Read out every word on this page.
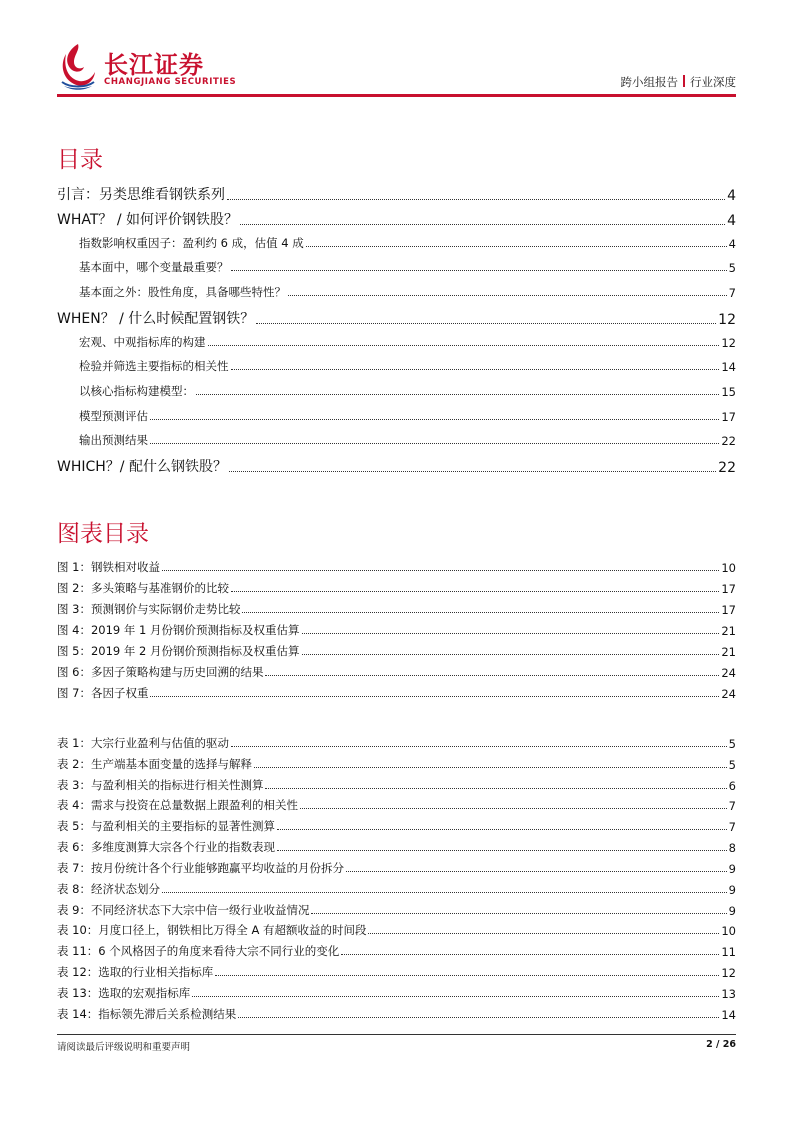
长江证券
CHANGJIANG SECURITIES	跨小组报告 行业深度
目录
引言：另类思维看钢铁系列	4
WHAT？ / 如何评价钢铁股？	4
指数影响权重因子：盈利约 6 成，估值 4 成	4
基本面中，哪个变量最重要？	5
基本面之外：股性角度，具备哪些特性？	7
WHEN？ / 什么时候配置钢铁？	12
宏观、中观指标库的构建	12
检验并筛选主要指标的相关性	14
以核心指标构建模型：	15
模型预测评估	17
输出预测结果	22
WHICH？/ 配什么钢铁股？	22
图表目录
图 1：钢铁相对收益	10
图 2：多头策略与基准钢价的比较	17
图 3：预测钢价与实际钢价走势比较	17
图 4：2019 年 1 月份钢价预测指标及权重估算	21
图 5：2019 年 2 月份钢价预测指标及权重估算	21
图 6：多因子策略构建与历史回溯的结果	24
图 7：各因子权重	24
表 1：大宗行业盈利与估值的驱动	5
表 2：生产端基本面变量的选择与解释	5
表 3：与盈利相关的指标进行相关性测算	6
表 4：需求与投资在总量数据上跟盈利的相关性	7
表 5：与盈利相关的主要指标的显著性测算	7
表 6：多维度测算大宗各个行业的指数表现	8
表 7：按月份统计各个行业能够跑赢平均收益的月份拆分	9
表 8：经济状态划分	9
表 9：不同经济状态下大宗中信一级行业收益情况	9
表 10：月度口径上，钢铁相比万得全 A 有超额收益的时间段	10
表 11：6 个风格因子的角度来看待大宗不同行业的变化	11
表 12：选取的行业相关指标库	12
表 13：选取的宏观指标库	13
表 14：指标领先滞后关系检测结果	14
请阅读最后评级说明和重要声明	2 / 26
